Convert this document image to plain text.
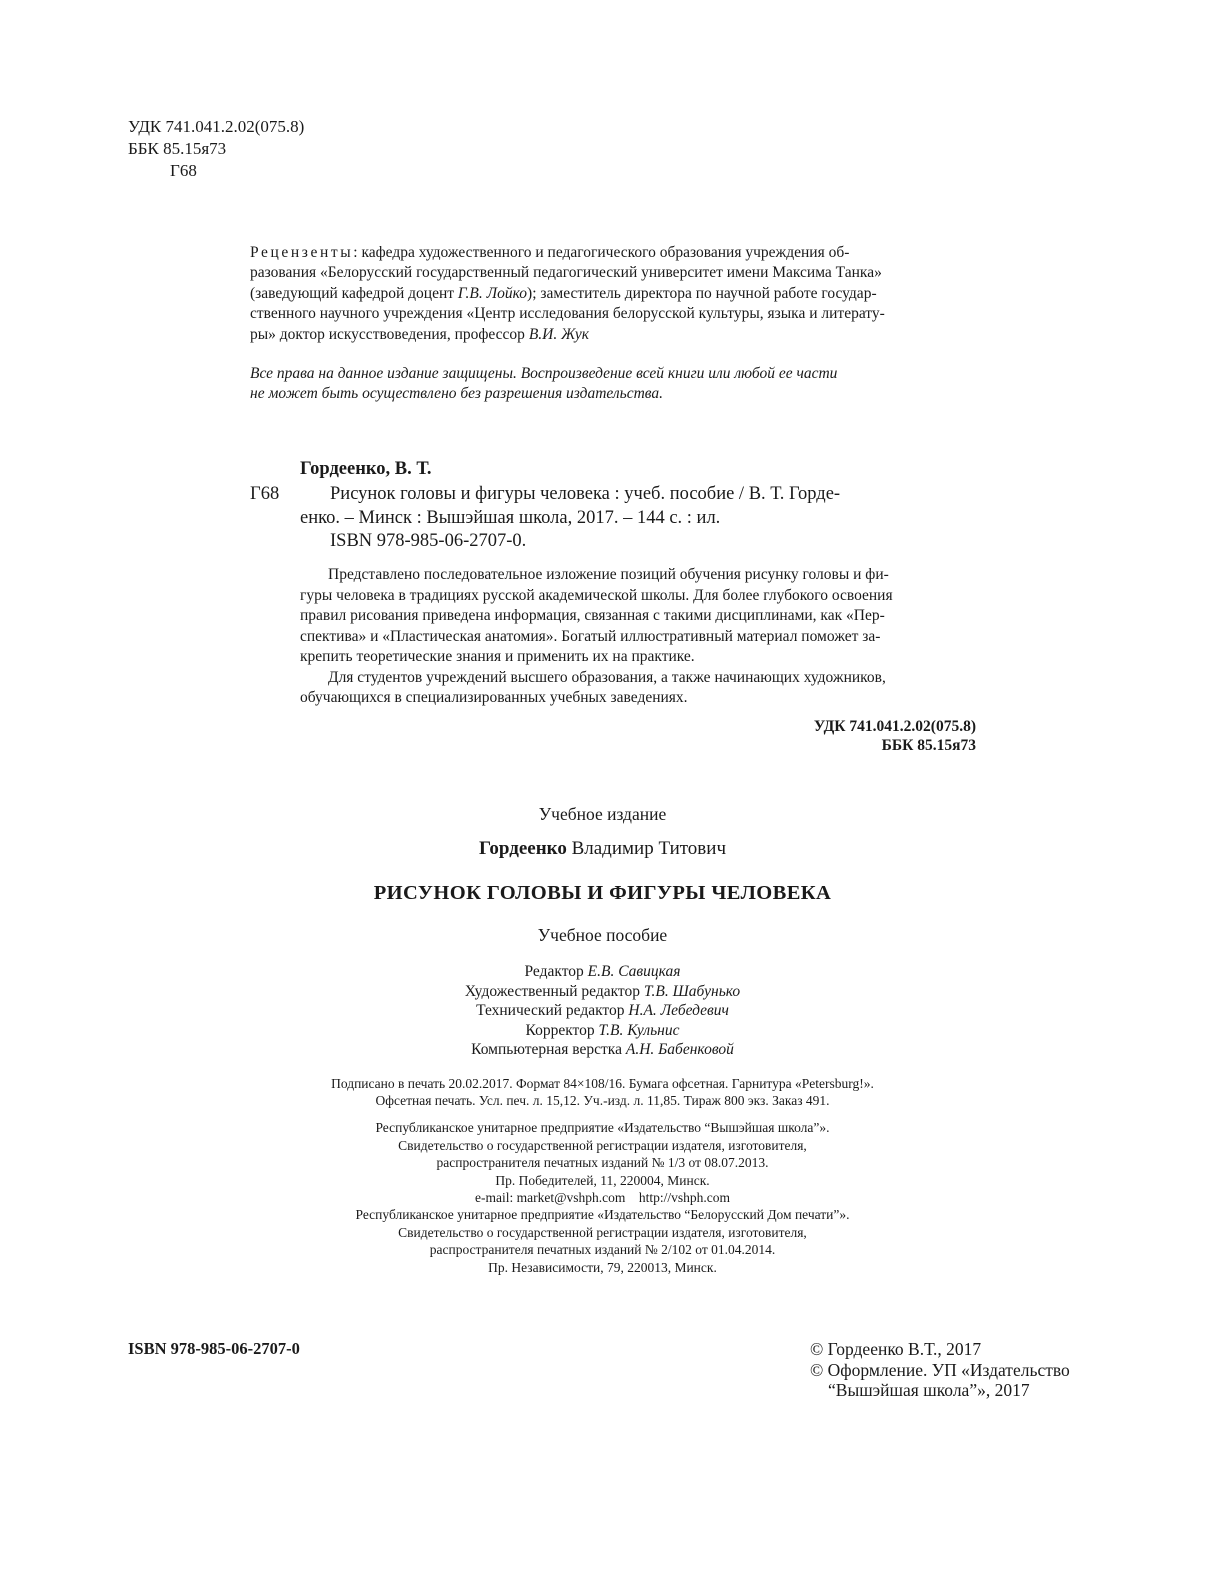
УДК 741.041.2.02(075.8)
ББК 85.15я73
Г68
Рецензенты: кафедра художественного и педагогического образования учреждения об-
разования «Белорусский государственный педагогический университет имени Максима Танка»
(заведующий кафедрой доцент Г.В. Лойко); заместитель директора по научной работе государ-
ственного научного учреждения «Центр исследования белорусской культуры, языка и литерату-
ры» доктор искусствоведения, профессор В.И. Жук
Все права на данное издание защищены. Воспроизведение всей книги или любой ее части
не может быть осуществлено без разрешения издательства.
Гордеенко, В. Т.
Г68	Рисунок головы и фигуры человека : учеб. пособие / В. Т. Горде-
енко. – Минск : Вышэйшая школа, 2017. – 144 с. : ил.
ISBN 978-985-06-2707-0.
Представлено последовательное изложение позиций обучения рисунку головы и фи-
гуры человека в традициях русской академической школы. Для более глубокого освоения
правил рисования приведена информация, связанная с такими дисциплинами, как «Пер-
спектива» и «Пластическая анатомия». Богатый иллюстративный материал поможет за-
крепить теоретические знания и применить их на практике.
Для студентов учреждений высшего образования, а также начинающих художников,
обучающихся в специализированных учебных заведениях.
УДК 741.041.2.02(075.8)
ББК 85.15я73
Учебное издание
Гордеенко Владимир Титович
РИСУНОК ГОЛОВЫ И ФИГУРЫ ЧЕЛОВЕКА
Учебное пособие
Редактор Е.В. Савицкая
Художественный редактор Т.В. Шабунько
Технический редактор Н.А. Лебедевич
Корректор Т.В. Кульнис
Компьютерная верстка А.Н. Бабенковой
Подписано в печать 20.02.2017. Формат 84×108/16. Бумага офсетная. Гарнитура «Petersburg!».
Офсетная печать. Усл. печ. л. 15,12. Уч.-изд. л. 11,85. Тираж 800 экз. Заказ 491.
Республиканское унитарное предприятие «Издательство “Вышэйшая школа”».
Свидетельство о государственной регистрации издателя, изготовителя,
распространителя печатных изданий № 1/3 от 08.07.2013.
Пр. Победителей, 11, 220004, Минск.
e-mail: market@vshph.com    http://vshph.com
Республиканское унитарное предприятие «Издательство “Белорусский Дом печати”».
Свидетельство о государственной регистрации издателя, изготовителя,
распространителя печатных изданий № 2/102 от 01.04.2014.
Пр. Независимости, 79, 220013, Минск.
ISBN 978-985-06-2707-0	© Гордеенко В.Т., 2017
© Оформление. УП «Издательство
“Вышэйшая школа”», 2017
